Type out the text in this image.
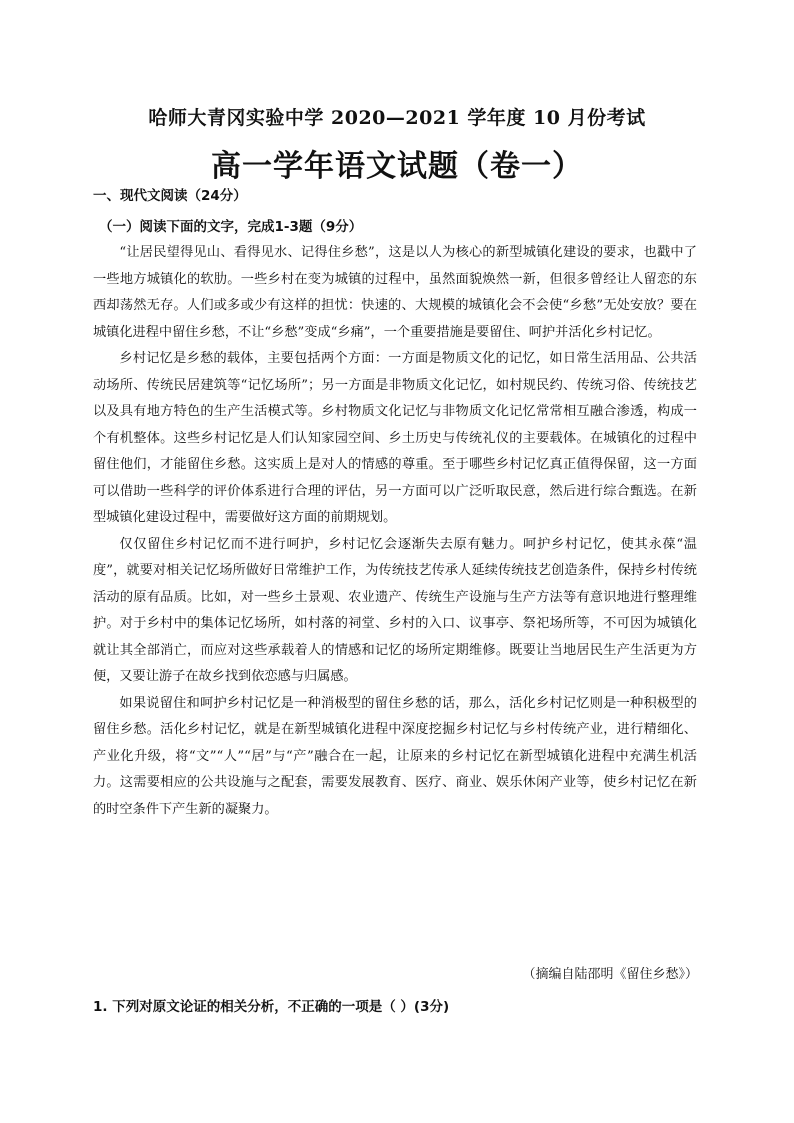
哈师大青冈实验中学 2020—2021 学年度 10 月份考试
高一学年语文试题（卷一）
一、现代文阅读（24分）
（一）阅读下面的文字，完成1-3题（9分）

“让居民望得见山、看得见水、记得住乡愁”，这是以人为核心的新型城镇化建设的要求，也戳中了一些地方城镇化的软肋。一些乡村在变为城镇的过程中，虽然面貌焕然一新，但很多曾经让人留恋的东西却荡然无存。人们或多或少有这样的担忧：快速的、大规模的城镇化会不会使“乡愁”无处安放？要在城镇化进程中留住乡愁，不让“乡愁”变成“乡痛”，一个重要措施是要留住、呵护并活化乡村记忆。

乡村记忆是乡愁的载体，主要包括两个方面：一方面是物质文化的记忆，如日常生活用品、公共活动场所、传统民居建筑等“记忆场所”；另一方面是非物质文化记忆，如村规民约、传统习俗、传统技艺以及具有地方特色的生产生活模式等。乡村物质文化记忆与非物质文化记忆常常相互融合渗透，构成一个有机整体。这些乡村记忆是人们认知家园空间、乡土历史与传统礼仪的主要载体。在城镇化的过程中留住他们，才能留住乡愁。这实质上是对人的情感的尊重。至于哪些乡村记忆真正值得保留，这一方面可以借助一些科学的评价体系进行合理的评估，另一方面可以广泛听取民意，然后进行综合甄选。在新型城镇化建设过程中，需要做好这方面的前期规划。

仅仅留住乡村记忆而不进行呵护，乡村记忆会逐渐失去原有魅力。呵护乡村记忆，使其永葆“温度”，就要对相关记忆场所做好日常维护工作，为传统技艺传承人延续传统技艺创造条件，保持乡村传统活动的原有品质。比如，对一些乡土景观、农业遗产、传统生产设施与生产方法等有意识地进行整理维护。对于乡村中的集体记忆场所，如村落的祠堂、乡村的入口、议事亭、祭祀场所等，不可因为城镇化就让其全部消亡，而应对这些承载着人的情感和记忆的场所定期维修。既要让当地居民生产生活更为方便，又要让游子在故乡找到依恋感与归属感。

如果说留住和呵护乡村记忆是一种消极型的留住乡愁的话，那么，活化乡村记忆则是一种积极型的留住乡愁。活化乡村记忆，就是在新型城镇化进程中深度挖掘乡村记忆与乡村传统产业，进行精细化、产业化升级，将“文”“人”“居”与“产”融合在一起，让原来的乡村记忆在新型城镇化进程中充满生机活力。这需要相应的公共设施与之配套，需要发展教育、医疗、商业、娱乐休闲产业等，使乡村记忆在新的时空条件下产生新的凝聚力。

（摘编自陆邵明《留住乡愁》）
1. 下列对原文论证的相关分析，不正确的一项是（ ）(3分)
